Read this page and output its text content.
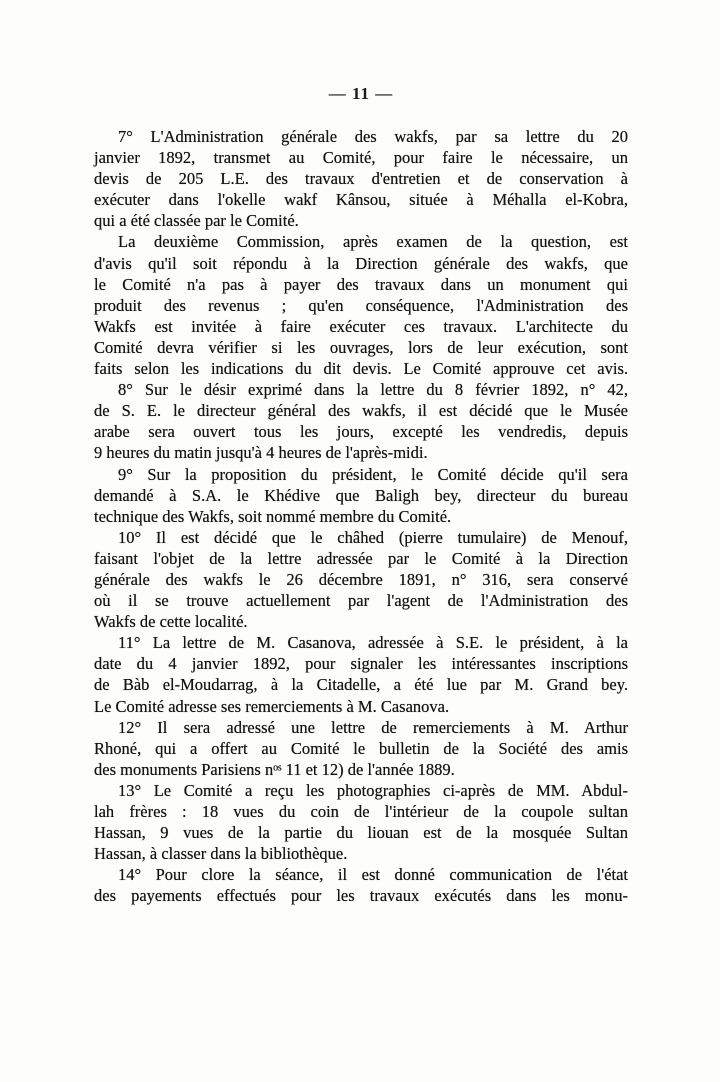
— 11 —
7° L'Administration générale des wakfs, par sa lettre du 20
janvier 1892, transmet au Comité, pour faire le nécessaire, un
devis de 205 L.E. des travaux d'entretien et de conservation à
exécuter dans l'okelle wakf Kânsou, située à Méhalla el-Kobra,
qui a été classée par le Comité.
La deuxième Commission, après examen de la question, est
d'avis qu'il soit répondu à la Direction générale des wakfs, que
le Comité n'a pas à payer des travaux dans un monument qui
produit des revenus ; qu'en conséquence, l'Administration des
Wakfs est invitée à faire exécuter ces travaux. L'architecte du
Comité devra vérifier si les ouvrages, lors de leur exécution, sont
faits selon les indications du dit devis. Le Comité approuve cet avis.
8° Sur le désir exprimé dans la lettre du 8 février 1892, n° 42,
de S. E. le directeur général des wakfs, il est décidé que le Musée
arabe sera ouvert tous les jours, excepté les vendredis, depuis
9 heures du matin jusqu'à 4 heures de l'après-midi.
9° Sur la proposition du président, le Comité décide qu'il sera
demandé à S.A. le Khédive que Baligh bey, directeur du bureau
technique des Wakfs, soit nommé membre du Comité.
10° Il est décidé que le châhed (pierre tumulaire) de Menouf,
faisant l'objet de la lettre adressée par le Comité à la Direction
générale des wakfs le 26 décembre 1891, n° 316, sera conservé
où il se trouve actuellement par l'agent de l'Administration des
Wakfs de cette localité.
11° La lettre de M. Casanova, adressée à S.E. le président, à la
date du 4 janvier 1892, pour signaler les intéressantes inscriptions
de Bàb el-Moudarrag, à la Citadelle, a été lue par M. Grand bey.
Le Comité adresse ses remerciements à M. Casanova.
12° Il sera adressé une lettre de remerciements à M. Arthur
Rhoné, qui a offert au Comité le bulletin de la Société des amis
des monuments Parisiens nᵒˢ 11 et 12) de l'année 1889.
13° Le Comité a reçu les photographies ci-après de MM. Abdul-
lah frères : 18 vues du coin de l'intérieur de la coupole sultan
Hassan, 9 vues de la partie du liouan est de la mosquée Sultan
Hassan, à classer dans la bibliothèque.
14° Pour clore la séance, il est donné communication de l'état
des payements effectués pour les travaux exécutés dans les monu-
